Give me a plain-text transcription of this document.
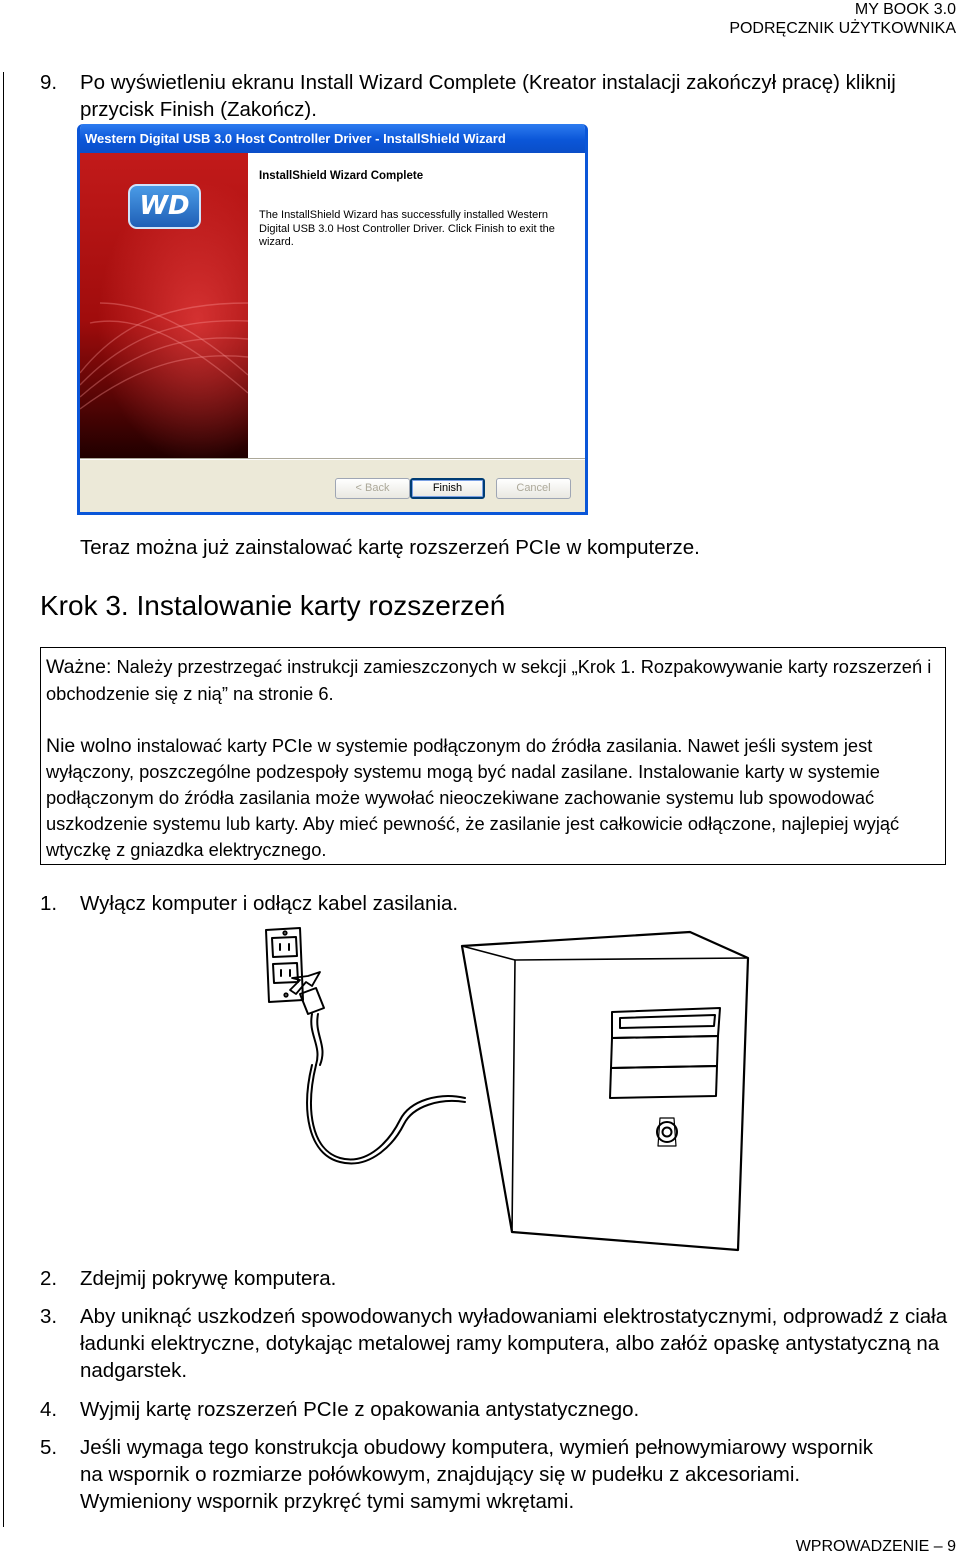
MY BOOK 3.0
PODRĘCZNIK UŻYTKOWNIKA
9. Po wyświetleniu ekranu Install Wizard Complete (Kreator instalacji zakończył pracę) kliknij przycisk Finish (Zakończ).
Western Digital USB 3.0 Host Controller Driver - InstallShield Wizard
WD
InstallShield Wizard Complete
The InstallShield Wizard has successfully installed Western Digital USB 3.0 Host Controller Driver. Click Finish to exit the wizard.
< Back	Finish	Cancel
Teraz można już zainstalować kartę rozszerzeń PCIe w komputerze.
Krok 3. Instalowanie karty rozszerzeń

Ważne: Należy przestrzegać instrukcji zamieszczonych w sekcji „Krok 1. Rozpakowywanie karty rozszerzeń i obchodzenie się z nią” na stronie 6.

Nie wolno instalować karty PCIe w systemie podłączonym do źródła zasilania. Nawet jeśli system jest wyłączony, poszczególne podzespoły systemu mogą być nadal zasilane. Instalowanie karty w systemie podłączonym do źródła zasilania może wywołać nieoczekiwane zachowanie systemu lub spowodować uszkodzenie systemu lub karty. Aby mieć pewność, że zasilanie jest całkowicie odłączone, najlepiej wyjąć wtyczkę z gniazdka elektrycznego.

1. Wyłącz komputer i odłącz kabel zasilania.
2. Zdejmij pokrywę komputera.
3. Aby uniknąć uszkodzeń spowodowanych wyładowaniami elektrostatycznymi, odprowadź z ciała ładunki elektryczne, dotykając metalowej ramy komputera, albo załóż opaskę antystatyczną na nadgarstek.
4. Wyjmij kartę rozszerzeń PCIe z opakowania antystatycznego.
5. Jeśli wymaga tego konstrukcja obudowy komputera, wymień pełnowymiarowy wspornik na wspornik o rozmiarze połówkowym, znajdujący się w pudełku z akcesoriami. Wymieniony wspornik przykręć tymi samymi wkrętami.
WPROWADZENIE – 9
